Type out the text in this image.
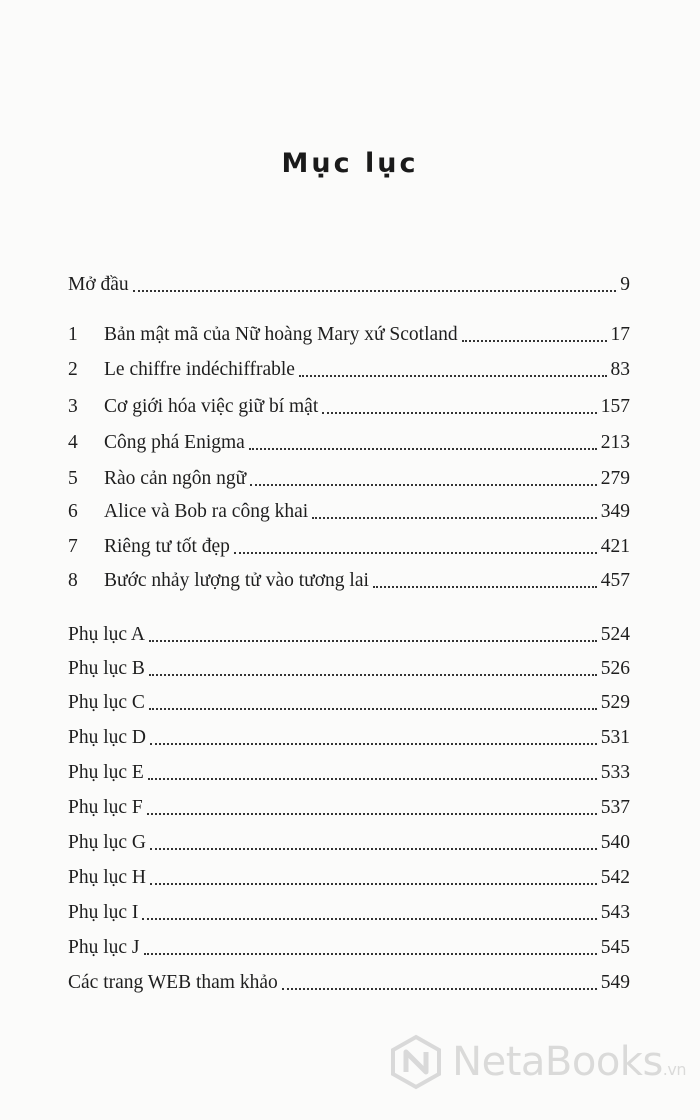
Mục lục
Mở đầu	9
1	Bản mật mã của Nữ hoàng Mary xứ Scotland	17
2	Le chiffre indéchiffrable	83
3	Cơ giới hóa việc giữ bí mật	157
4	Công phá Enigma	213
5	Rào cản ngôn ngữ	279
6	Alice và Bob ra công khai	349
7	Riêng tư tốt đẹp	421
8	Bước nhảy lượng tử vào tương lai	457
Phụ lục A	524
Phụ lục B	526
Phụ lục C	529
Phụ lục D	531
Phụ lục E	533
Phụ lục F	537
Phụ lục G	540
Phụ lục H	542
Phụ lục I	543
Phụ lục J	545
Các trang WEB tham khảo	549
NetaBooks.vn
